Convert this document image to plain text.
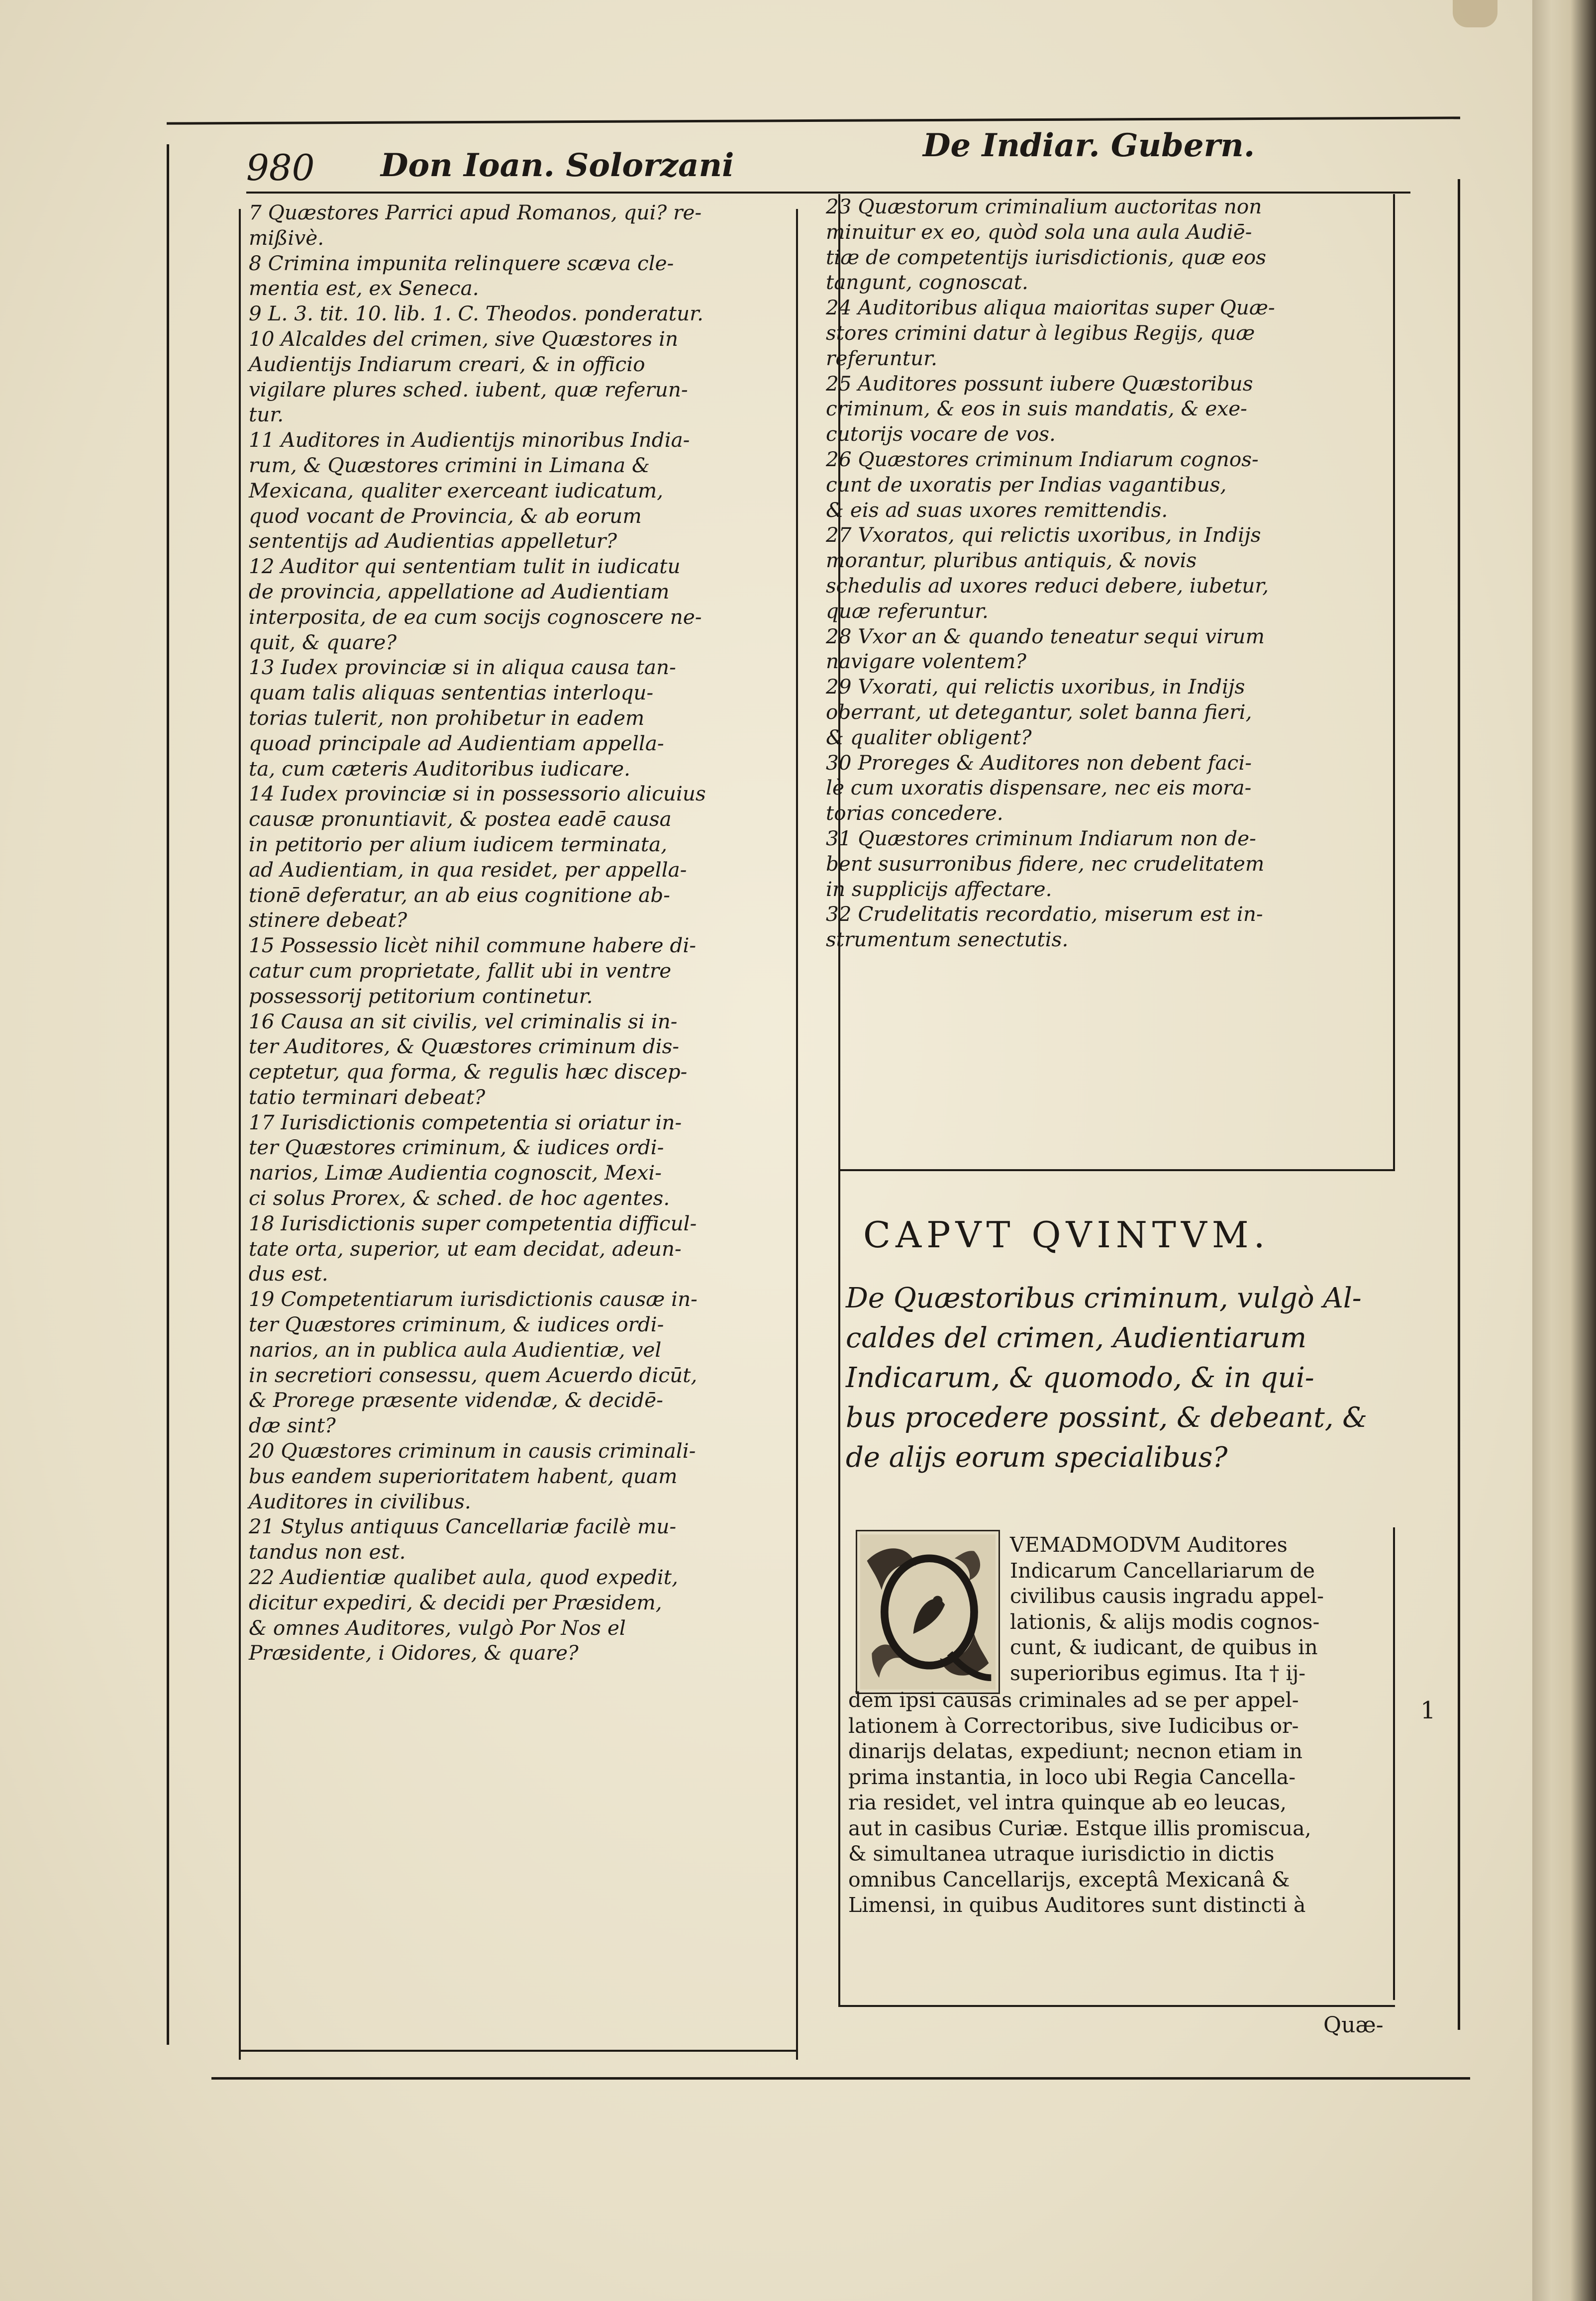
980 Don Ioan. Solorzani
De Indiar. Gubern.
7 Quæstores Parrici apud Romanos, qui? re-
mißivè.
8 Crimina impunita relinquere scæva cle-
mentia est, ex Seneca.
9 L. 3. tit. 10. lib. 1. C. Theodos. ponderatur.
10 Alcaldes del crimen, sive Quæstores in
Audientijs Indiarum creari, & in officio
vigilare plures sched. iubent, quæ referun-
tur.
11 Auditores in Audientijs minoribus India-
rum, & Quæstores crimini in Limana &
Mexicana, qualiter exerceant iudicatum,
quod vocant de Provincia, & ab eorum
sententijs ad Audientias appelletur?
12 Auditor qui sententiam tulit in iudicatu
de provincia, appellatione ad Audientiam
interposita, de ea cum socijs cognoscere ne-
quit, & quare?
13 Iudex provinciæ si in aliqua causa tan-
quam talis aliquas sententias interloqu-
torias tulerit, non prohibetur in eadem
quoad principale ad Audientiam appella-
ta, cum cæteris Auditoribus iudicare.
14 Iudex provinciæ si in possessorio alicuius
causæ pronuntiavit, & postea eadē causa
in petitorio per alium iudicem terminata,
ad Audientiam, in qua residet, per appella-
tionē deferatur, an ab eius cognitione ab-
stinere debeat?
15 Possessio licèt nihil commune habere di-
catur cum proprietate, fallit ubi in ventre
possessorij petitorium continetur.
16 Causa an sit civilis, vel criminalis si in-
ter Auditores, & Quæstores criminum dis-
ceptetur, qua forma, & regulis hæc discep-
tatio terminari debeat?
17 Iurisdictionis competentia si oriatur in-
ter Quæstores criminum, & iudices ordi-
narios, Limæ Audientia cognoscit, Mexi-
ci solus Prorex, & sched. de hoc agentes.
18 Iurisdictionis super competentia difficul-
tate orta, superior, ut eam decidat, adeun-
dus est.
19 Competentiarum iurisdictionis causæ in-
ter Quæstores criminum, & iudices ordi-
narios, an in publica aula Audientiæ, vel
in secretiori consessu, quem Acuerdo dicūt,
& Prorege præsente videndæ, & decidē-
dæ sint?
20 Quæstores criminum in causis criminali-
bus eandem superioritatem habent, quam
Auditores in civilibus.
21 Stylus antiquus Cancellariæ facilè mu-
tandus non est.
22 Audientiæ qualibet aula, quod expedit,
dicitur expediri, & decidi per Præsidem,
& omnes Auditores, vulgò Por Nos el
Præsidente, i Oidores, & quare?
23 Quæstorum criminalium auctoritas non
minuitur ex eo, quòd sola una aula Audiē-
tiæ de competentijs iurisdictionis, quæ eos
tangunt, cognoscat.
24 Auditoribus aliqua maioritas super Quæ-
stores crimini datur à legibus Regijs, quæ
referuntur.
25 Auditores possunt iubere Quæstoribus
criminum, & eos in suis mandatis, & exe-
cutorijs vocare de vos.
26 Quæstores criminum Indiarum cognos-
cunt de uxoratis per Indias vagantibus,
& eis ad suas uxores remittendis.
27 Vxoratos, qui relictis uxoribus, in Indijs
morantur, pluribus antiquis, & novis
schedulis ad uxores reduci debere, iubetur,
quæ referuntur.
28 Vxor an & quando teneatur sequi virum
navigare volentem?
29 Vxorati, qui relictis uxoribus, in Indijs
oberrant, ut detegantur, solet banna fieri,
& qualiter obligent?
30 Proreges & Auditores non debent faci-
lè cum uxoratis dispensare, nec eis mora-
torias concedere.
31 Quæstores criminum Indiarum non de-
bent susurronibus fidere, nec crudelitatem
in supplicijs affectare.
32 Crudelitatis recordatio, miserum est in-
strumentum senectutis.
CAPVT QVINTVM.
De Quæstoribus criminum, vulgò Al-
caldes del crimen, Audientiarum
Indicarum, & quomodo, & in qui-
bus procedere possint, & debeant, &
de alijs eorum specialibus?
VEMADMODVM Auditores
Indicarum Cancellariarum de
civilibus causis ingradu appel-
lationis, & alijs modis cognos-
cunt, & iudicant, de quibus in
superioribus egimus. Ita † ij-
dem ipsi causas criminales ad se per appel-
lationem à Correctoribus, sive Iudicibus or-
dinarijs delatas, expediunt; necnon etiam in
prima instantia, in loco ubi Regia Cancella-
ria residet, vel intra quinque ab eo leucas,
aut in casibus Curiæ. Estque illis promiscua,
& simultanea utraque iurisdictio in dictis
omnibus Cancellarijs, exceptâ Mexicanâ &
Limensi, in quibus Auditores sunt distincti à
1
Quæ-
